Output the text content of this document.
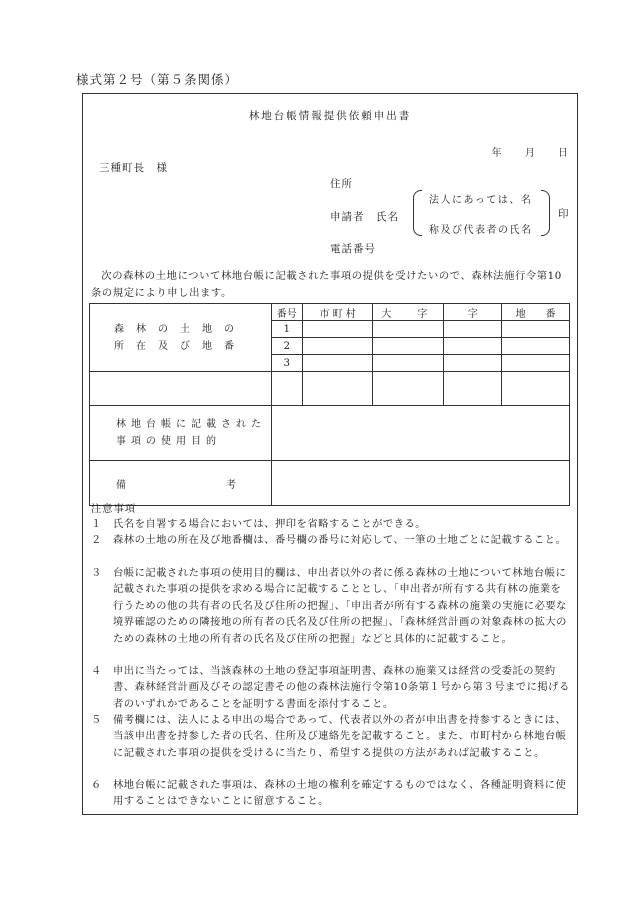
様式第２号（第５条関係）
林地台帳情報提供依頼申出書
年 月 日
三種町長　様
住所
申請者　氏名
電話番号
法人にあっては、名
称及び代表者の氏名
印
次の森林の土地について林地台帳に記載された事項の提供を受けたいので、森林法施行令第10条の規定により申し出ます。
森林の土地の
所在及び地番	番号	市 町 村	大　字	字	地　　番
	1				
	2				
	3				

林地台帳に記載された
事項の使用目的					

備　　　　　　　　　　考					
注意事項
１ 氏名を自署する場合においては、押印を省略することができる。
２ 森林の土地の所在及び地番欄は、番号欄の番号に対応して、一筆の土地ごとに記載すること。
３ 台帳に記載された事項の使用目的欄は、申出者以外の者に係る森林の土地について林地台帳に記載された事項の提供を求める場合に記載することとし、「申出者が所有する共有林の施業を行うための他の共有者の氏名及び住所の把握」、「申出者が所有する森林の施業の実施に必要な境界確認のための隣接地の所有者の氏名及び住所の把握」、「森林経営計画の対象森林の拡大のための森林の土地の所有者の氏名及び住所の把握」などと具体的に記載すること。
４ 申出に当たっては、当該森林の土地の登記事項証明書、森林の施業又は経営の受委託の契約書、森林経営計画及びその認定書その他の森林法施行令第10条第１号から第３号までに掲げる者のいずれかであることを証明する書面を添付すること。
５ 備考欄には、法人による申出の場合であって、代表者以外の者が申出書を持参するときには、当該申出書を持参した者の氏名、住所及び連絡先を記載すること。また、市町村から林地台帳に記載された事項の提供を受けるに当たり、希望する提供の方法があれば記載すること。
６ 林地台帳に記載された事項は、森林の土地の権利を確定するものではなく、各種証明資料に使用することはできないことに留意すること。
